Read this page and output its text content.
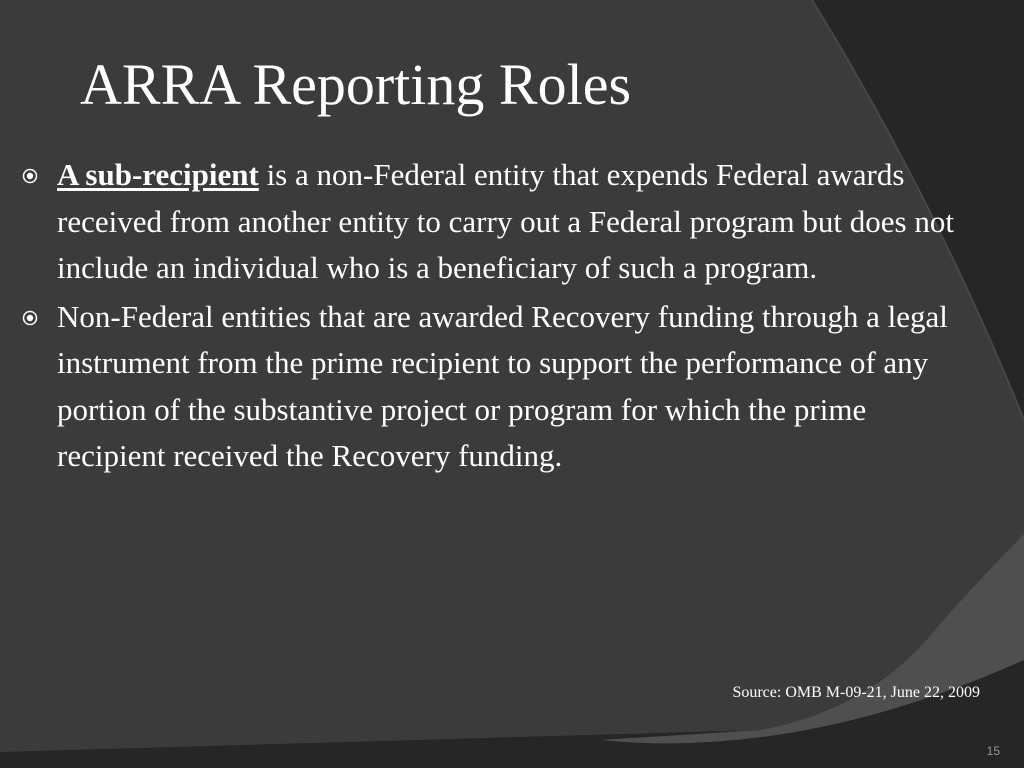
ARRA Reporting Roles
A sub-recipient is a non-Federal entity that expends Federal awards received from another entity to carry out a Federal program but does not include an individual who is a beneficiary of such a program.
Non-Federal entities that are awarded Recovery funding through a legal instrument from the prime recipient to support the performance of any portion of the substantive project or program for which the prime recipient received the Recovery funding.
Source: OMB M-09-21, June 22, 2009
15
